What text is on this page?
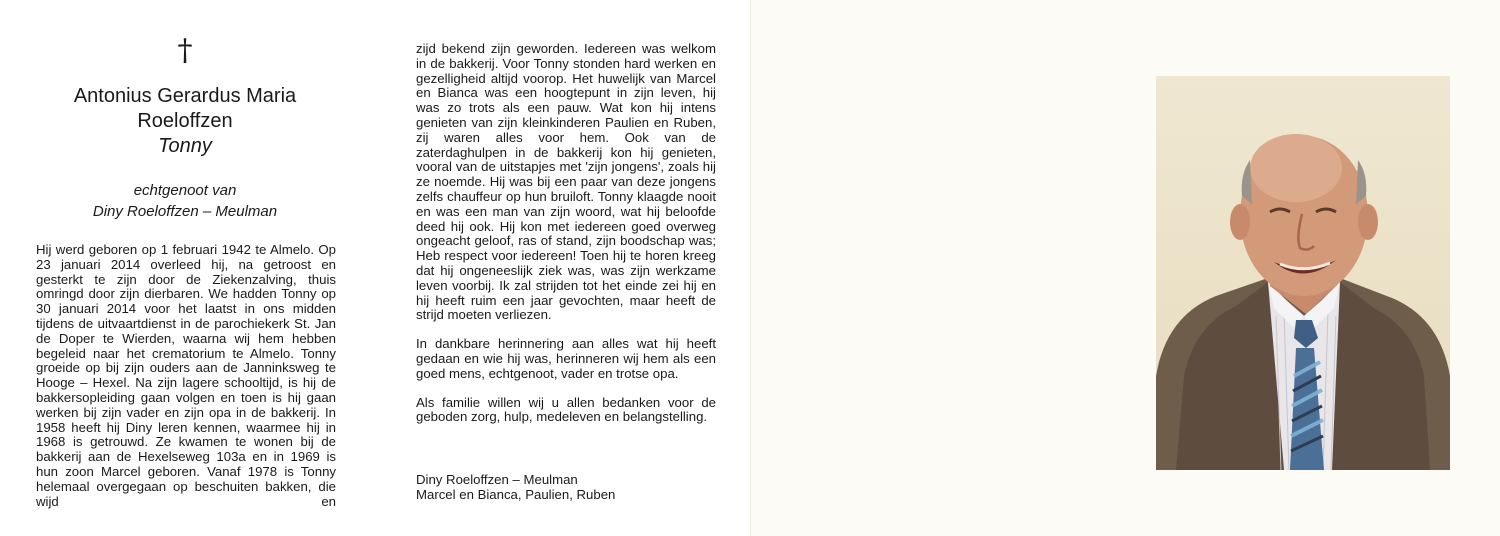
†

Antonius Gerardus Maria

Roeloffzen

Tonny

echtgenoot van
Diny Roeloffzen – Meulman

Hij werd geboren op 1 februari 1942 te Almelo. Op 23 januari 2014 overleed hij, na getroost en gesterkt te zijn door de Ziekenzalving, thuis omringd door zijn dierbaren. We hadden Tonny op 30 januari 2014 voor het laatst in ons midden tijdens de uitvaartdienst in de parochiekerk St. Jan de Doper te Wierden, waarna wij hem hebben begeleid naar het crematorium te Almelo. Tonny groeide op bij zijn ouders aan de Janninksweg te Hooge – Hexel. Na zijn lagere schooltijd, is hij de bakkersopleiding gaan volgen en toen is hij gaan werken bij zijn vader en zijn opa in de bakkerij. In 1958 heeft hij Diny leren kennen, waarmee hij in 1968 is getrouwd. Ze kwamen te wonen bij de bakkerij aan de Hexelseweg 103a en in 1969 is hun zoon Marcel geboren. Vanaf 1978 is Tonny helemaal overgegaan op beschuiten bakken, die wijd en

zijd bekend zijn geworden. Iedereen was welkom in de bakkerij. Voor Tonny stonden hard werken en gezelligheid altijd voorop. Het huwelijk van Marcel en Bianca was een hoogtepunt in zijn leven, hij was zo trots als een pauw. Wat kon hij intens genieten van zijn kleinkinderen Paulien en Ruben, zij waren alles voor hem. Ook van de zaterdaghulpen in de bakkerij kon hij genieten, vooral van de uitstapjes met 'zijn jongens', zoals hij ze noemde. Hij was bij een paar van deze jongens zelfs chauffeur op hun bruiloft. Tonny klaagde nooit en was een man van zijn woord, wat hij beloofde deed hij ook. Hij kon met iedereen goed overweg ongeacht geloof, ras of stand, zijn boodschap was; Heb respect voor iedereen! Toen hij te horen kreeg dat hij ongeneeslijk ziek was, was zijn werkzame leven voorbij. Ik zal strijden tot het einde zei hij en hij heeft ruim een jaar gevochten, maar heeft de strijd moeten verliezen.

In dankbare herinnering aan alles wat hij heeft gedaan en wie hij was, herinneren wij hem als een goed mens, echtgenoot, vader en trotse opa.

Als familie willen wij u allen bedanken voor de geboden zorg, hulp, medeleven en belangstelling.

Diny Roeloffzen – Meulman
Marcel en Bianca, Paulien, Ruben
